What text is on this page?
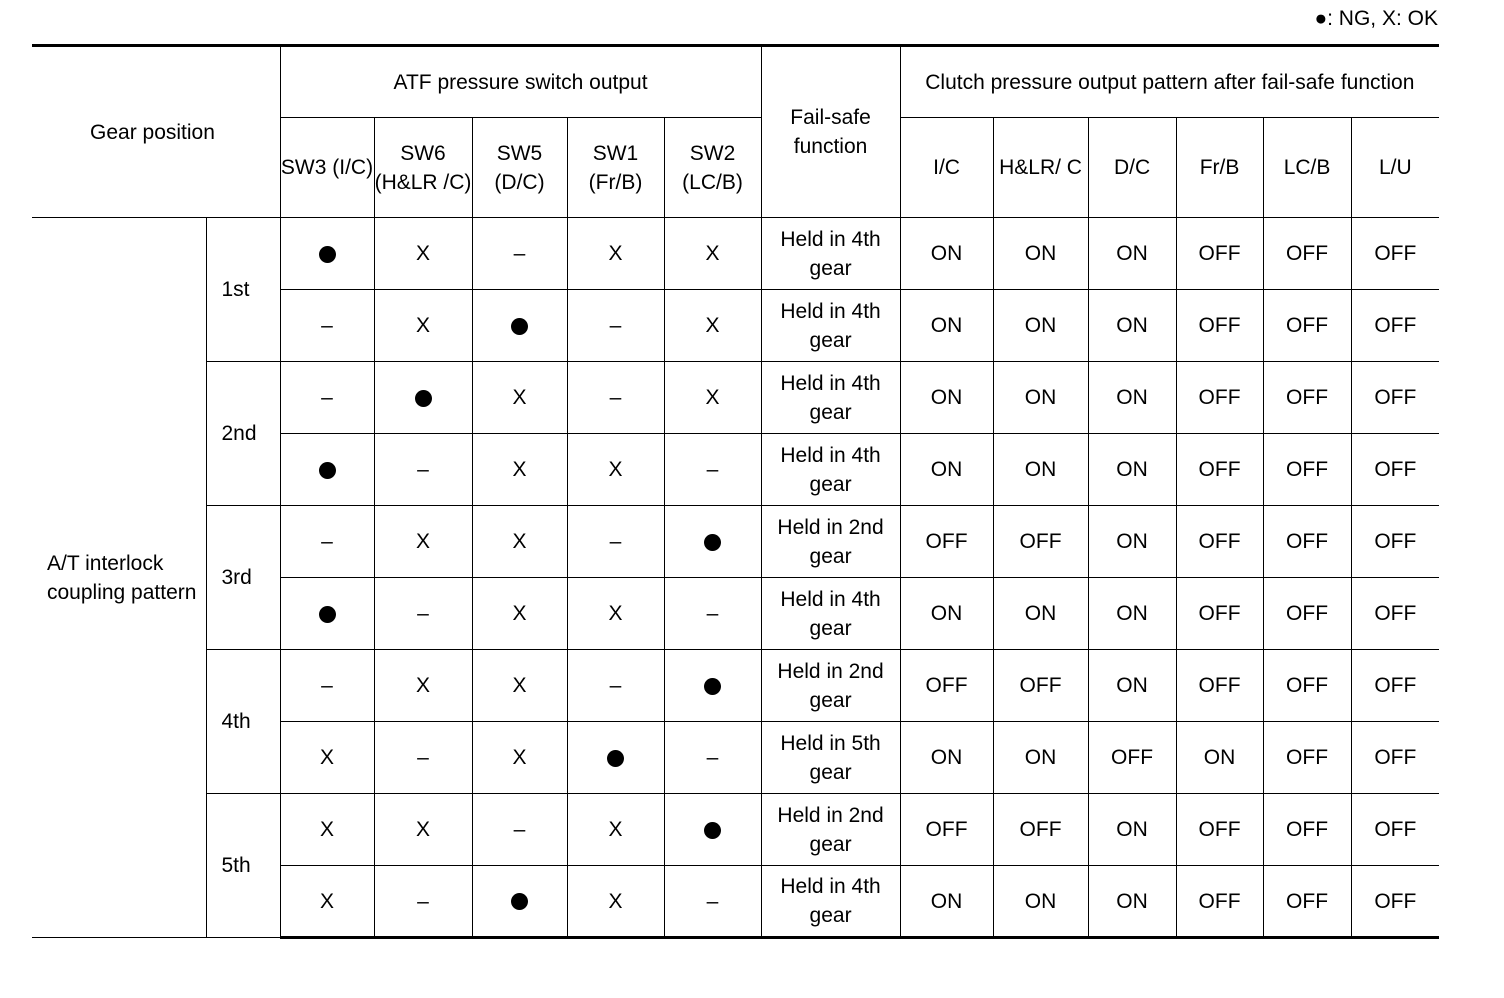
●: NG, X: OK
Gear position		ATF pressure switch output					Fail-safe function	Clutch pressure output pattern after fail-safe function					
		SW3 (I/C)	SW6 (H&LR /C)	SW5 (D/C)	SW1 (Fr/B)	SW2 (LC/B)		I/C	H&LR/ C	D/C	Fr/B	LC/B	L/U
A/T interlock coupling pattern	1st		X	–	X	X	Held in 4th gear	ON	ON	ON	OFF	OFF	OFF
		–	X		–	X	Held in 4th gear	ON	ON	ON	OFF	OFF	OFF
	2nd	–		X	–	X	Held in 4th gear	ON	ON	ON	OFF	OFF	OFF
			–	X	X	–	Held in 4th gear	ON	ON	ON	OFF	OFF	OFF
	3rd	–	X	X	–		Held in 2nd gear	OFF	OFF	ON	OFF	OFF	OFF
			–	X	X	–	Held in 4th gear	ON	ON	ON	OFF	OFF	OFF
	4th	–	X	X	–		Held in 2nd gear	OFF	OFF	ON	OFF	OFF	OFF
		X	–	X		–	Held in 5th gear	ON	ON	OFF	ON	OFF	OFF
	5th	X	X	–	X		Held in 2nd gear	OFF	OFF	ON	OFF	OFF	OFF
		X	–		X	–	Held in 4th gear	ON	ON	ON	OFF	OFF	OFF
